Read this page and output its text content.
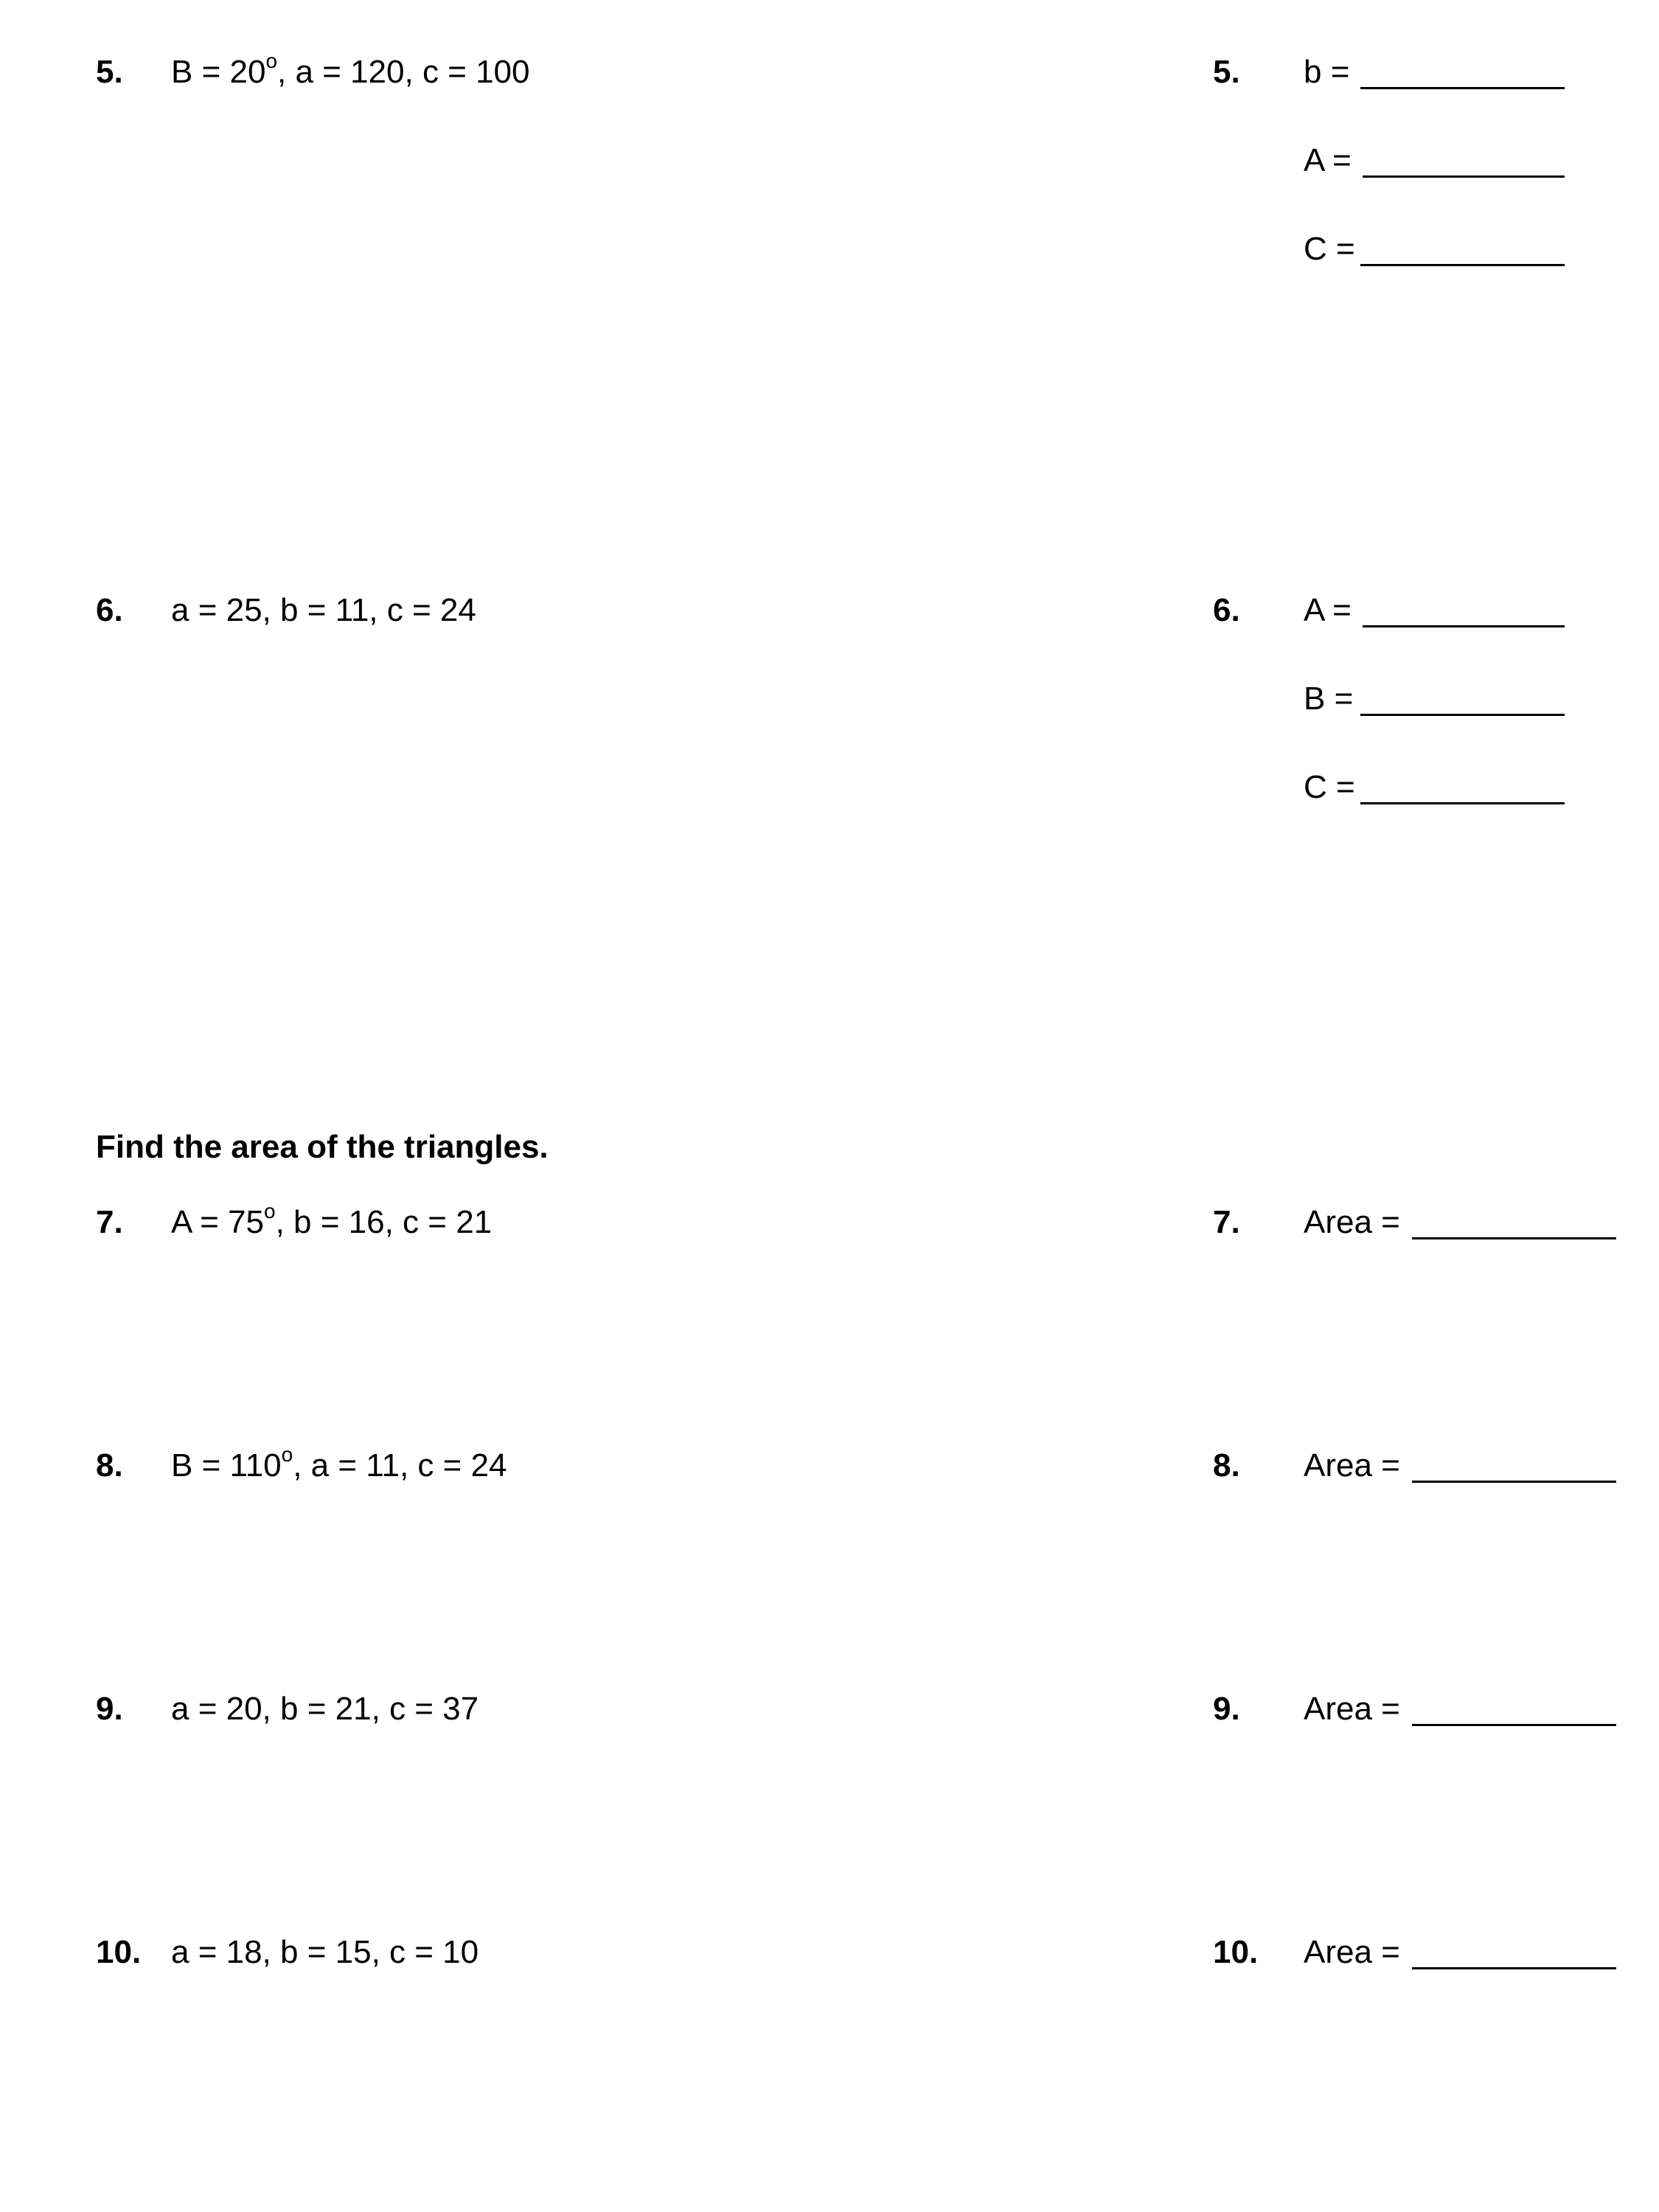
5. $B = 20^o$, a = 120, c = 100	5. b =
A =
C =
6. a = 25, b = 11, c = 24	6. A =
B =
C =
Find the area of the triangles.
7. $A = 75^o$, b = 16, c = 21	7. Area =
8. $B = 110^o$, a = 11, c = 24	8. Area =
9. a = 20, b = 21, c = 37	9. Area =
10. a = 18, b = 15, c = 10	10. Area =
